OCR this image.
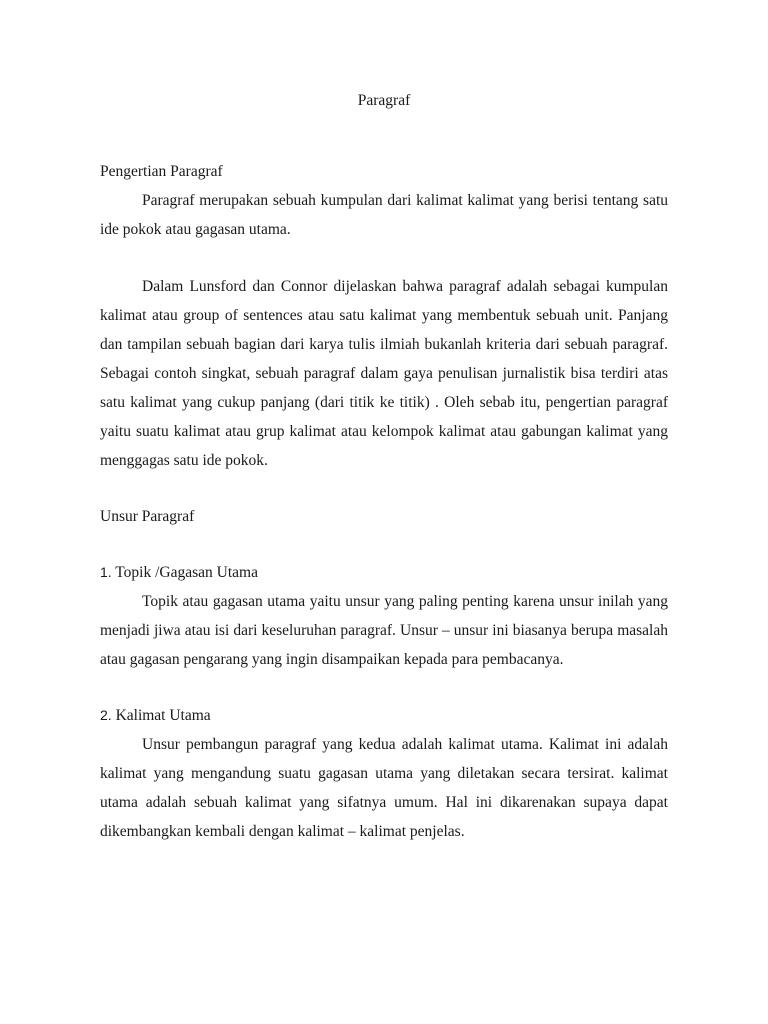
Paragraf
Pengertian Paragraf

Paragraf merupakan sebuah kumpulan dari kalimat kalimat yang berisi tentang satu ide pokok atau gagasan utama.

Dalam Lunsford dan Connor dijelaskan bahwa paragraf adalah sebagai kumpulan kalimat atau group of sentences atau satu kalimat yang membentuk sebuah unit. Panjang dan tampilan sebuah bagian dari karya tulis ilmiah bukanlah kriteria dari sebuah paragraf. Sebagai contoh singkat, sebuah paragraf dalam gaya penulisan jurnalistik bisa terdiri atas satu kalimat yang cukup panjang (dari titik ke titik) . Oleh sebab itu, pengertian paragraf yaitu suatu kalimat atau grup kalimat atau kelompok kalimat atau gabungan kalimat yang menggagas satu ide pokok.

Unsur Paragraf
1. Topik /Gagasan Utama

Topik atau gagasan utama yaitu unsur yang paling penting karena unsur inilah yang menjadi jiwa atau isi dari keseluruhan paragraf. Unsur – unsur ini biasanya berupa masalah atau gagasan pengarang yang ingin disampaikan kepada para pembacanya.

2. Kalimat Utama

Unsur pembangun paragraf yang kedua adalah kalimat utama. Kalimat ini adalah kalimat yang mengandung suatu gagasan utama yang diletakan secara tersirat. kalimat utama adalah sebuah kalimat yang sifatnya umum. Hal ini dikarenakan supaya dapat dikembangkan kembali dengan kalimat – kalimat penjelas.
